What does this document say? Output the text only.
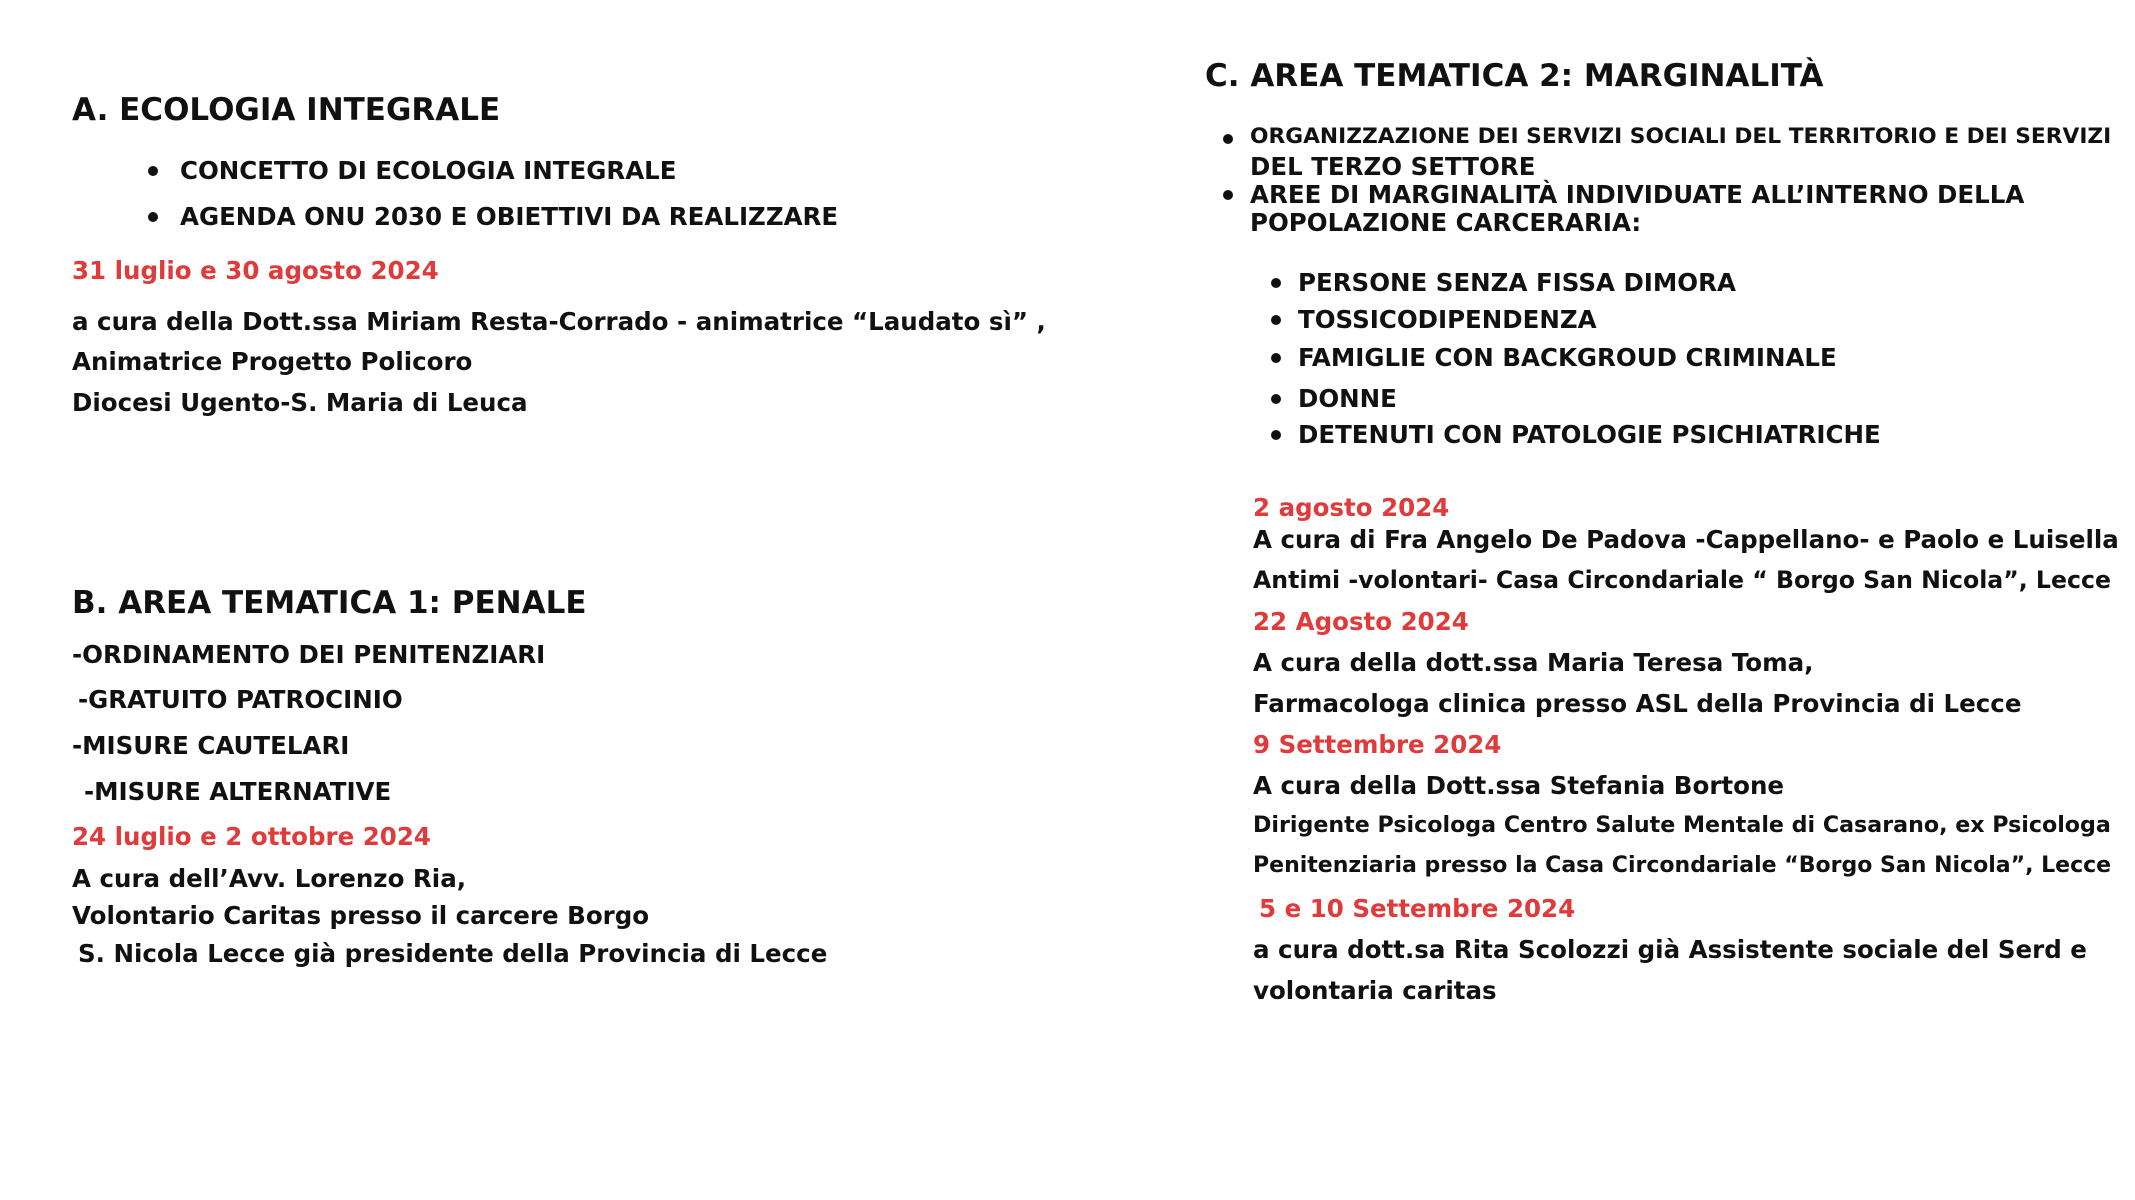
A. ECOLOGIA INTEGRALE
CONCETTO DI ECOLOGIA INTEGRALE
AGENDA ONU 2030 E OBIETTIVI DA REALIZZARE
31 luglio e 30 agosto 2024
a cura della Dott.ssa Miriam Resta-Corrado - animatrice “Laudato sì” ,
Animatrice Progetto Policoro
Diocesi Ugento-S. Maria di Leuca
B. AREA TEMATICA 1: PENALE
-ORDINAMENTO DEI PENITENZIARI
-GRATUITO PATROCINIO
-MISURE CAUTELARI
-MISURE ALTERNATIVE
24 luglio e 2 ottobre 2024
A cura dell’Avv. Lorenzo Ria,
Volontario Caritas presso il carcere Borgo
S. Nicola Lecce già presidente della Provincia di Lecce
C. AREA TEMATICA 2: MARGINALITÀ
ORGANIZZAZIONE DEI SERVIZI SOCIALI DEL TERRITORIO E DEI SERVIZI
DEL TERZO SETTORE
AREE DI MARGINALITÀ INDIVIDUATE ALL’INTERNO DELLA
POPOLAZIONE CARCERARIA:
PERSONE SENZA FISSA DIMORA
TOSSICODIPENDENZA
FAMIGLIE CON BACKGROUD CRIMINALE
DONNE
DETENUTI CON PATOLOGIE PSICHIATRICHE
2 agosto 2024
A cura di Fra Angelo De Padova -Cappellano- e Paolo e Luisella
Antimi -volontari- Casa Circondariale “ Borgo San Nicola”, Lecce
22 Agosto 2024
A cura della dott.ssa Maria Teresa Toma,
Farmacologa clinica presso ASL della Provincia di Lecce
9 Settembre 2024
A cura della Dott.ssa Stefania Bortone
Dirigente Psicologa Centro Salute Mentale di Casarano, ex Psicologa
Penitenziaria presso la Casa Circondariale “Borgo San Nicola”, Lecce
5 e 10 Settembre 2024
a cura dott.sa Rita Scolozzi già Assistente sociale del Serd e
volontaria caritas
